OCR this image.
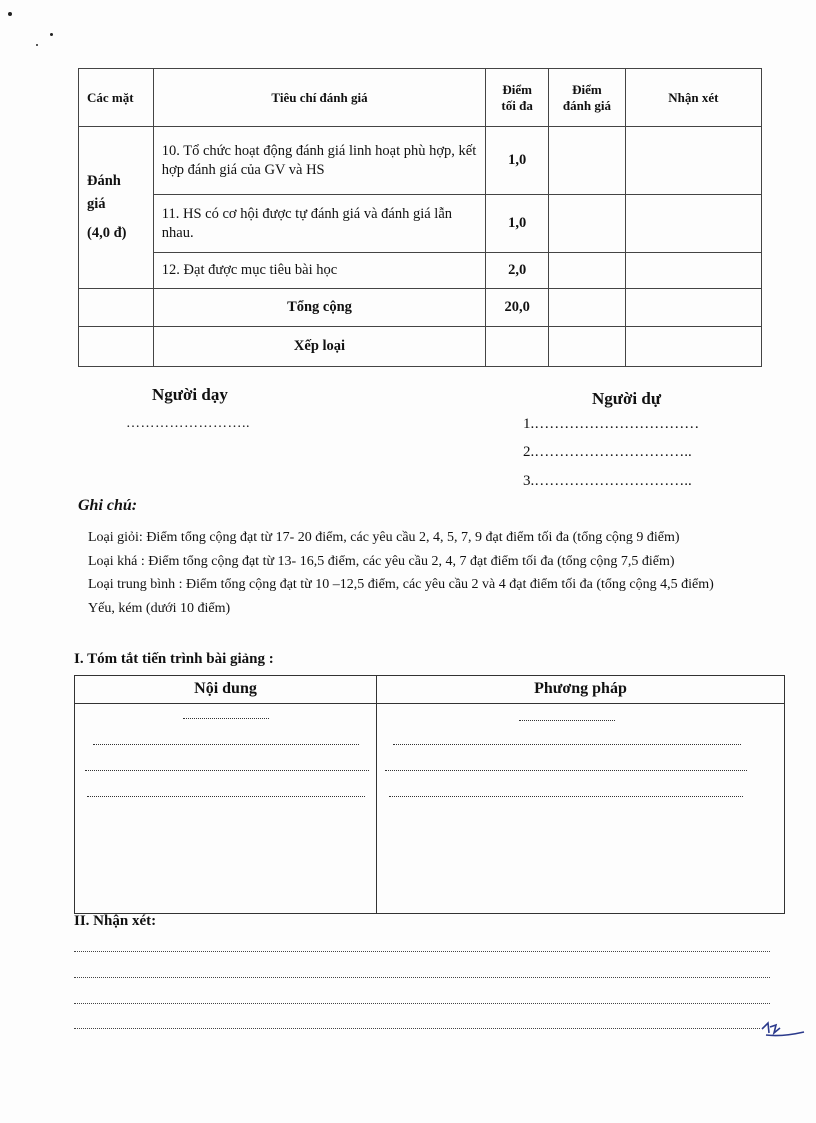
Các mặt	Tiêu chí đánh giá	Điểm tối đa	Điểm đánh giá	Nhận xét

Đánh giá
(4,0 đ)	10. Tổ chức hoạt động đánh giá linh hoạt phù hợp, kết hợp đánh giá của GV và HS	1,0		
	11. HS có cơ hội được tự đánh giá và đánh giá lẫn nhau.	1,0		
	12. Đạt được mục tiêu bài học	2,0		
	Tổng cộng	20,0		
	Xếp loại			
Người dạy
……………………..
Người dự
1.……………………………
2.…………………………..
3.…………………………..
Ghi chú:
Loại giỏi: Điểm tổng cộng đạt từ 17- 20 điểm, các yêu cầu 2, 4, 5, 7, 9 đạt điểm tối đa (tổng cộng 9 điểm)
Loại khá : Điểm tổng cộng đạt từ 13- 16,5 điểm, các yêu cầu 2, 4, 7 đạt điểm tối đa (tổng cộng 7,5 điểm)
Loại trung bình : Điểm tổng cộng đạt từ 10 –12,5 điểm, các yêu cầu 2 và 4 đạt điểm tối đa (tổng cộng 4,5 điểm)
Yếu, kém (dưới 10 điểm)
I. Tóm tắt tiến trình bài giảng :
Nội dung	Phương pháp
II. Nhận xét:
